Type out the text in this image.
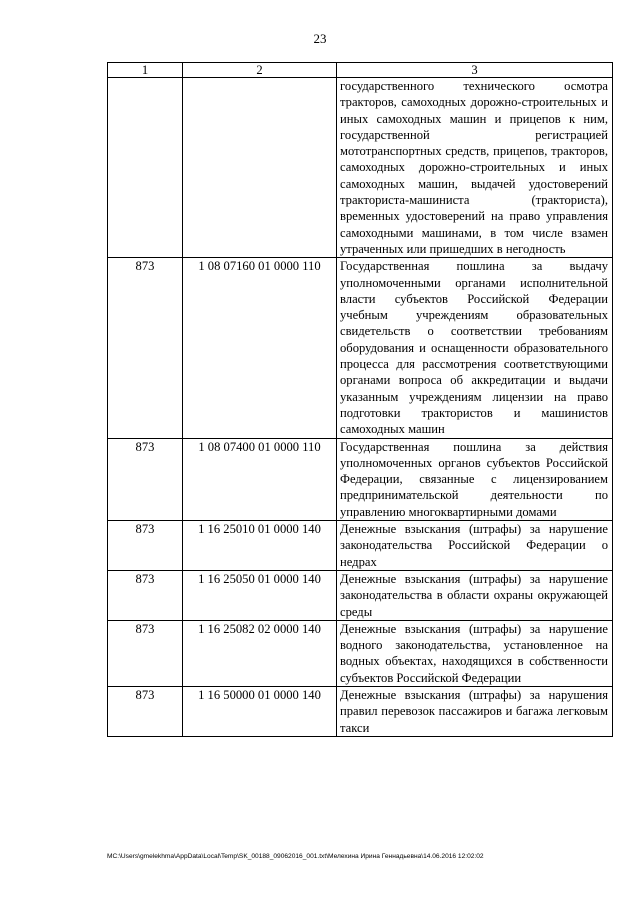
23
1	2	3
		государственного технического осмотра тракторов, самоходных дорожно-строительных и иных самоходных машин и прицепов к ним, государственной регистрацией мототранспортных средств, прицепов, тракторов, самоходных дорожно-строительных и иных самоходных машин, выдачей удостоверений тракториста-машиниста (тракториста), временных удостоверений на право управления самоходными машинами, в том числе взамен утраченных или пришедших в негодность
873	1 08 07160 01 0000 110	Государственная пошлина за выдачу уполномоченными органами исполнительной власти субъектов Российской Федерации учебным учреждениям образовательных свидетельств о соответствии требованиям оборудования и оснащенности образовательного процесса для рассмотрения соответствующими органами вопроса об аккредитации и выдачи указанным учреждениям лицензии на право подготовки трактористов и машинистов самоходных машин
873	1 08 07400 01 0000 110	Государственная пошлина за действия уполномоченных органов субъектов Российской Федерации, связанные с лицензированием предпринимательской деятельности по управлению многоквартирными домами
873	1 16 25010 01 0000 140	Денежные взыскания (штрафы) за нарушение законодательства Российской Федерации о недрах
873	1 16 25050 01 0000 140	Денежные взыскания (штрафы) за нарушение законодательства в области охраны окружающей среды
873	1 16 25082 02 0000 140	Денежные взыскания (штрафы) за нарушение водного законодательства, установленное на водных объектах, находящихся в собственности субъектов Российской Федерации
873	1 16 50000 01 0000 140	Денежные взыскания (штрафы) за нарушения правил перевозок пассажиров и багажа легковым такси
МС:\Users\gmelekhma\AppData\Local\Temp\SK_00188_09062016_001.txt\Мелехина Ирина Геннадьевна\14.06.2016 12:02:02
